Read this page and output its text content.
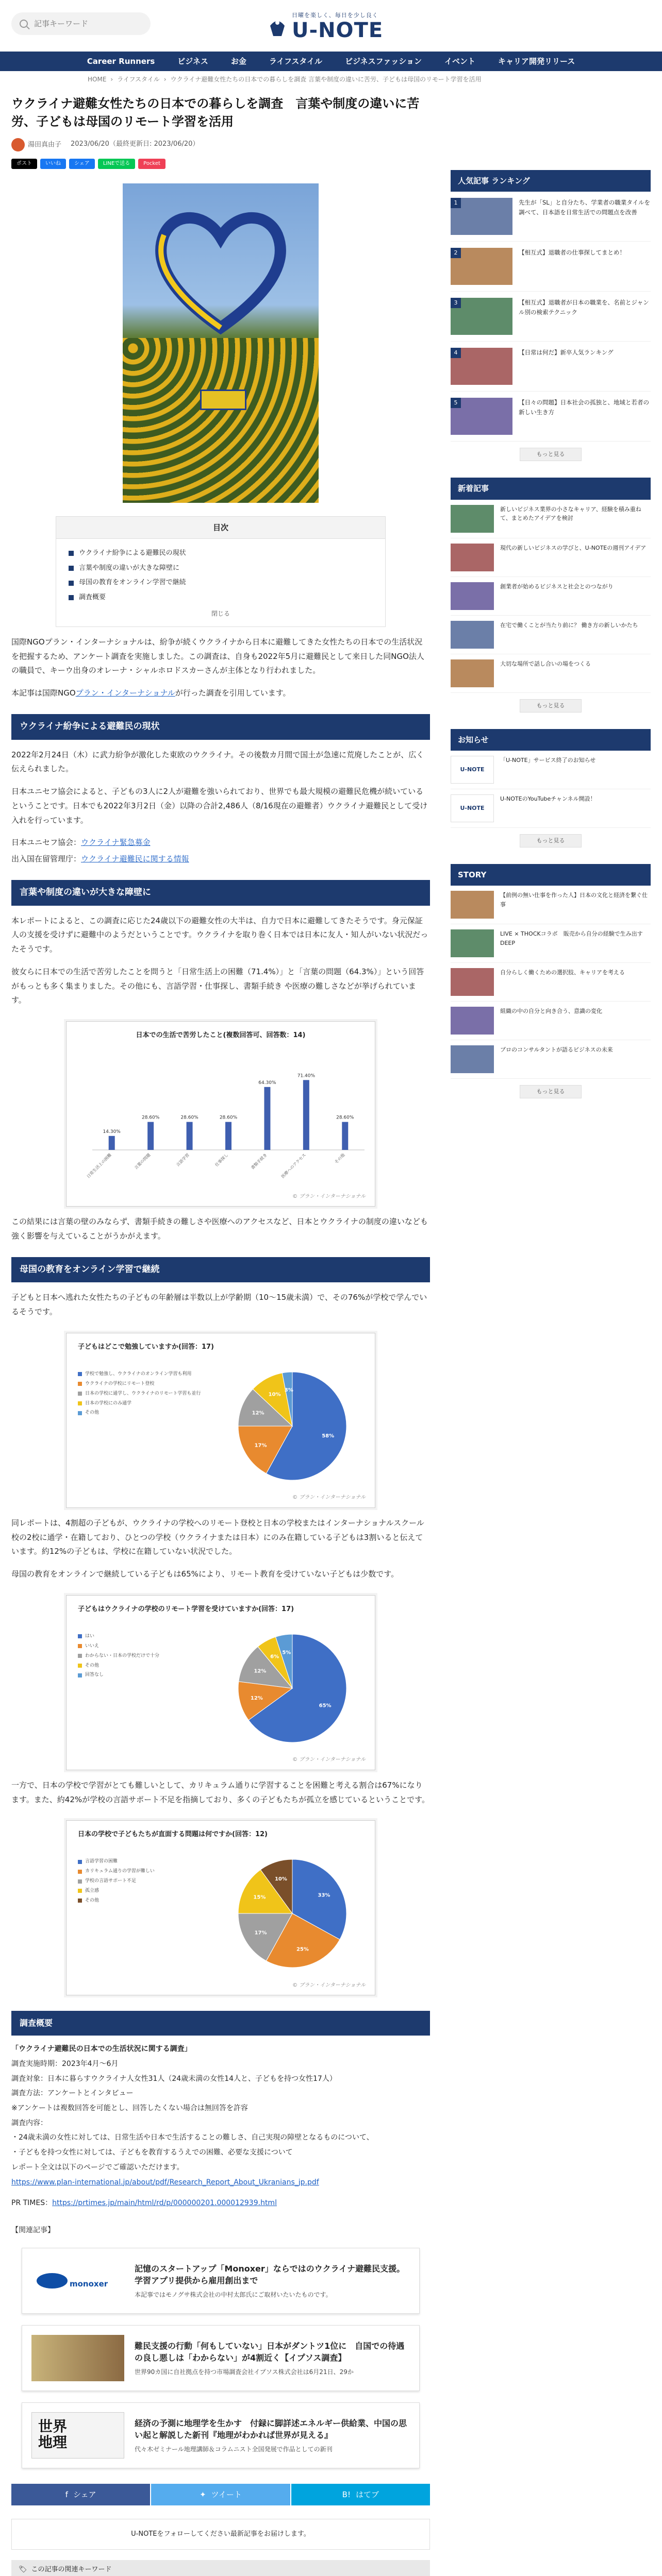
記事キーワード
日曜を楽しく、毎日を少し良く
U-NOTE
Career Runners	ビジネス	お金	ライフスタイル	ビジネスファッション	イベント	キャリア開発リリース
HOME › ライフスタイル › ウクライナ避難女性たちの日本での暮らしを調査 言葉や制度の違いに苦労、子どもは母国のリモート学習を活用
ウクライナ避難女性たちの日本での暮らしを調査　言葉や制度の違いに苦労、子どもは母国のリモート学習を活用
湯田真由子 2023/06/20（最終更新日: 2023/06/20）
ポスト	いいね	シェア	LINEで送る	Pocket
目次
ウクライナ紛争による避難民の現状
言葉や制度の違いが大きな障壁に
母国の教育をオンライン学習で継続
調査概要
閉じる

国際NGOプラン・インターナショナルは、紛争が続くウクライナから日本に避難してきた女性たちの日本での生活状況を把握するため、アンケート調査を実施しました。この調査は、自身も2022年5月に避難民として来日した同NGO法人の職員で、キーウ出身のオレーナ・シャルホロドスカーさんが主体となり行われました。

本記事は国際NGOプラン・インターナショナルが行った調査を引用しています。

ウクライナ紛争による避難民の現状

2022年2月24日（木）に武力紛争が激化した東欧のウクライナ。その後数カ月間で国土が急速に荒廃したことが、広く伝えられました。

日本ユニセフ協会によると、子どもの3人に2人が避難を強いられており、世界でも最大規模の避難民危機が続いているということです。日本でも2022年3月2日（金）以降の合計2,486人（8/16現在の避難者）ウクライナ避難民として受け入れを行っています。

日本ユニセフ協会：ウクライナ緊急募金

出入国在留管理庁：ウクライナ避難民に関する情報

言葉や制度の違いが大きな障壁に

本レポートによると、この調査に応じた24歳以下の避難女性の大半は、自力で日本に避難してきたそうです。身元保証人の支援を受けずに避難中のようだということです。ウクライナを取り巻く日本では日本に友人・知人がいない状況だったそうです。

彼女らに日本での生活で苦労したことを問うと「日常生活上の困難（71.4%）」と「言葉の問題（64.3%）」という回答がもっとも多く集まりました。その他にも、言語学習・仕事探し、書類手続き や医療の難しさなどが挙げられています。

日本での生活で苦労したこと(複数回答可、回答数：14)
14.30%
日常生活上の困難
28.60%
言葉の問題
28.60%
言語学習
28.60%
仕事探し
64.30%
書類手続き
71.40%
医療へのアクセス
28.60%
その他
© プラン・インターナショナル

この結果には言葉の壁のみならず、書類手続きの難しさや医療へのアクセスなど、日本とウクライナの制度の違いなども強く影響を与えていることがうかがえます。

母国の教育をオンライン学習で継続

子どもと日本へ逃れた女性たちの子どもの年齢層は半数以上が学齢期（10〜15歳未満）で、その76%が学校で学んでいるそうです。

子どもはどこで勉強していますか(回答：17)
学校で勉強し、ウクライナのオンライン学習も利用
ウクライナの学校にリモート登校
日本の学校に通学し、ウクライナのリモート学習も並行
日本の学校にのみ通学
その他
58%
17%
12%
10%
3%
© プラン・インターナショナル

同レポートは、4割超の子どもが、ウクライナの学校へのリモート登校と日本の学校またはインターナショナルスクール校の2校に通学・在籍しており、ひとつの学校（ウクライナまたは日本）にのみ在籍している子どもは3割いると伝えています。約12%の子どもは、学校に在籍していない状況でした。

母国の教育をオンラインで継続している子どもは65%により、リモート教育を受けていない子どもは少数です。

子どもはウクライナの学校のリモート学習を受けていますか(回答：17)
はい
いいえ
わからない・日本の学校だけで十分
その他
回答なし
65%
12%
12%
6%
5%
© プラン・インターナショナル

一方で、日本の学校で学習がとても難しいとして、カリキュラム通りに学習することを困難と考える割合は67%になります。また、約42%が学校の言語サポート不足を指摘しており、多くの子どもたちが孤立を感じているということです。

日本の学校で子どもたちが直面する問題は何ですか(回答：12)
言語学習の困難
カリキュラム通りの学習が難しい
学校の言語サポート不足
孤立感
その他
33%
25%
17%
15%
10%
© プラン・インターナショナル
調査概要
「ウクライナ避難民の日本での生活状況に関する調査」
調査実施時期：2023年4月〜6月
調査対象：日本に暮らすウクライナ人女性31人（24歳未満の女性14人と、子どもを持つ女性17人）
調査方法：アンケートとインタビュー
※アンケートは複数回答を可能とし、回答したくない場合は無回答を許容
調査内容：
・24歳未満の女性に対しては、日常生活や日本で生活することの難しさ、自己実現の障壁となるものについて、
・子どもを持つ女性に対しては、子どもを教育するうえでの困難、必要な支援について
レポート全文は以下のページでご確認いただけます。
https://www.plan-international.jp/about/pdf/Research_Report_About_Ukranians_jp.pdf
PR TIMES：https://prtimes.jp/main/html/rd/p/000000201.000012939.html
【関連記事】
monoxer
記憶のスタートアップ「Monoxer」ならではのウクライナ避難民支援。学習アプリ提供から雇用創出まで
本記事ではモノグサ株式会社の中村太郎氏にご取材いたいたものです。
難民支援の行動「何もしていない」日本がダントツ1位に　自国での待遇の良し悪しは「わからない」が4割近く【イプソス調査】
世界90カ国に自社拠点を持つ市場調査会社イプソス株式会社は6月21日、29か
世界
地理
経済の予測に地理学を生かす　付録に脚詳述エネルギー供給業、中国の思い起と解説した新刊『地理がわかれば世界が見える』
代々木ゼミナール地理講師＆コラムニスト全国発展で作品としての新刊
f シェア	✦ ツイート	B! はてブ
U-NOTEをフォローしてください最新記事をお届けします。
🏷 この記事の関連キーワード
人気記事 ランキング
1	先生が「SL」と自分たち、学業者の職業タイルを調べて、日本語を日常生活での問題点を改善
2	【相互式】退職者の仕事探してまとめ！
3	【相互式】退職者が日本の職業を、名前とジャンル別の検索テクニック
4	【日常は何だ】新卒人気ランキング
5	【日々の問題】日本社会の孤独と、地域と若者の新しい生き方
もっと見る
新着記事
新しいビジネス業界の小さなキャリア、経験を積み重ねて、まとめたアイデアを検討
現代の新しいビジネスの学びと、U-NOTEの週刊アイデア
創業者が始めるビジネスと社会とのつながり
在宅で働くことが当たり前に？ 働き方の新しいかたち
大切な場所で話し合いの場をつくる
もっと見る
お知らせ
U-NOTE
「U-NOTE」サービス終了のお知らせ
U-NOTE
U-NOTEのYouTubeチャンネル開設！
もっと見る
STORY
【前例の無い仕事を作った人】日本の文化と経済を繋ぐ仕事
LIVE × THOCKコラボ　販売から自分の経験で生み出すDEEP
自分らしく働くための選択肢、キャリアを考える
組織の中の自分と向き合う、意識の変化
プロのコンサルタントが語るビジネスの未来
もっと見る
